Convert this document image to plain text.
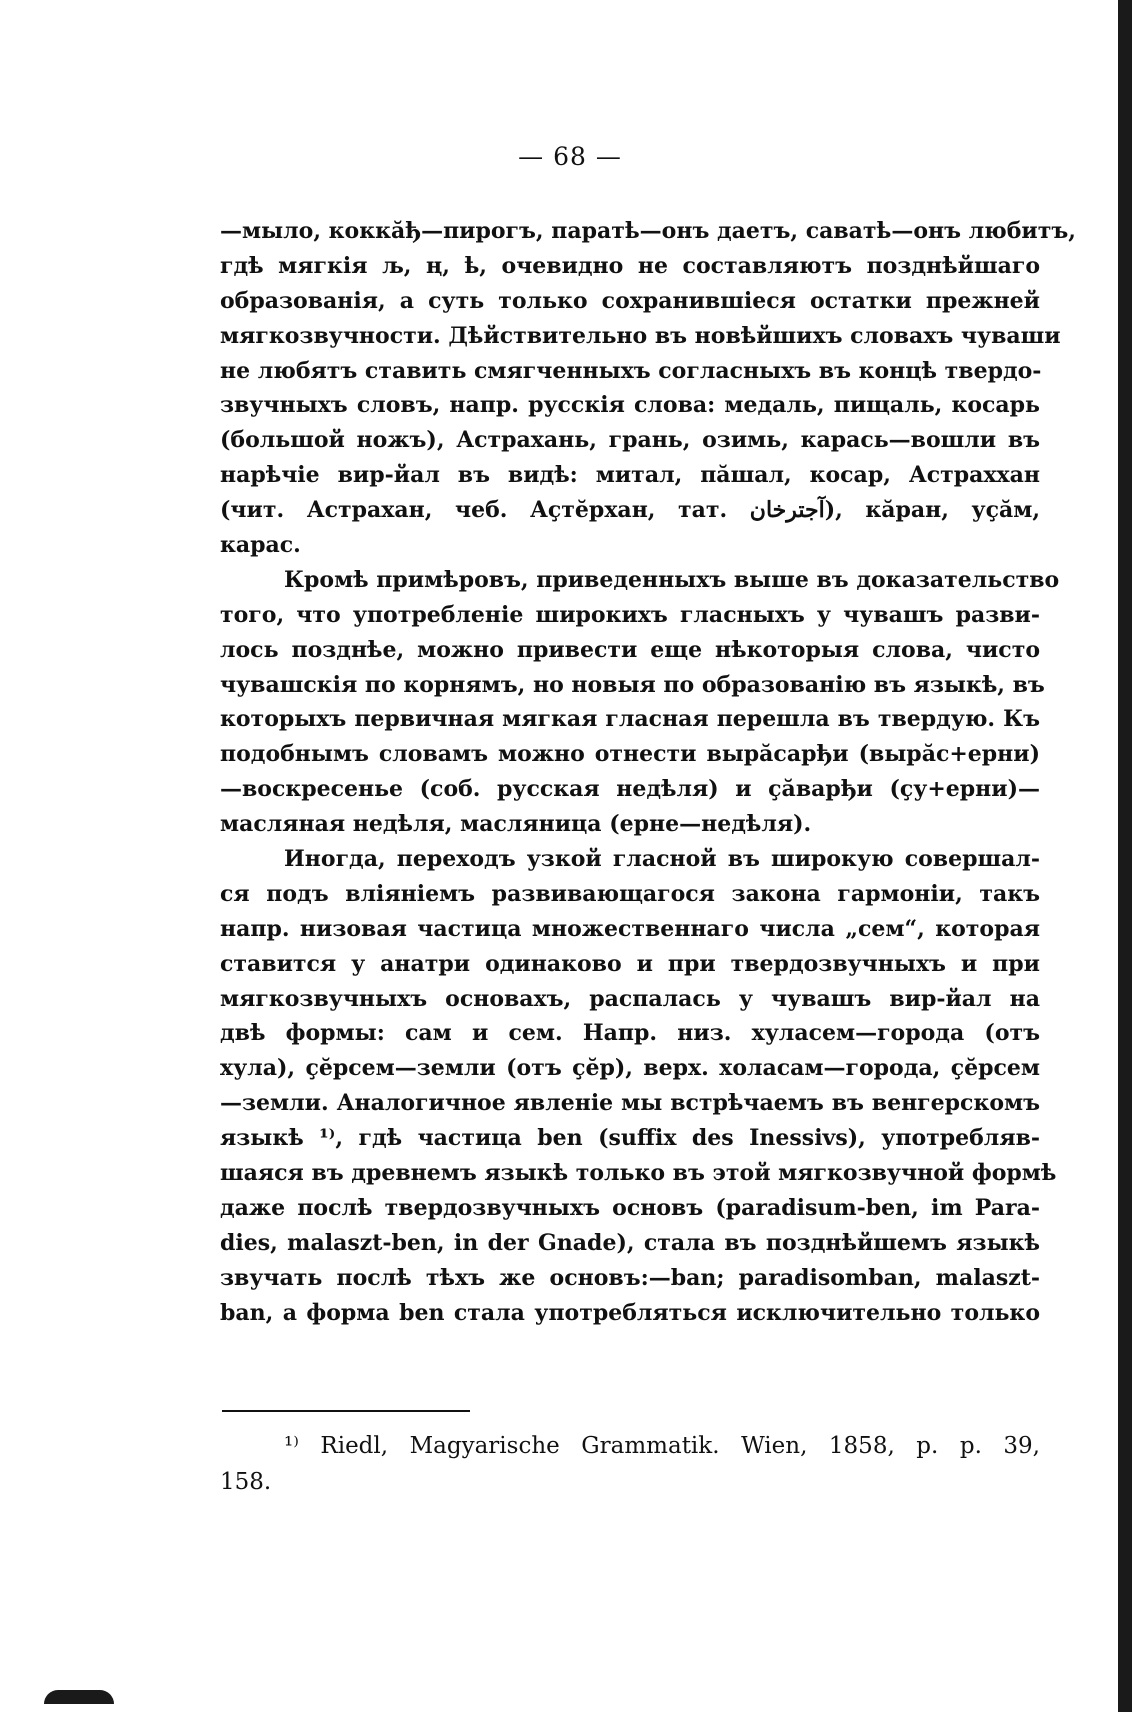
— 68 —
—мыло, коккӑђ—пирогъ, паратҍ—онъ даетъ, саватҍ—онъ любитъ,
гдѣ мягкія љ, ң, ҍ, очевидно не составляютъ позднѣйшаго
образованія, а суть только сохранившіеся остатки прежней
мягкозвучности. Дѣйствительно въ новѣйшихъ словахъ чуваши
не любятъ ставить смягченныхъ согласныхъ въ концѣ твердо-
звучныхъ словъ, напр. русскія слова: медаль, пищаль, косарь
(большой ножъ), Астрахань, грань, озимь, карась—вошли въ
нарѣчіе вир-йал въ видѣ: митал, пӑшал, косар, Астраххан
(чит. Астрахан, чеб. Аҫтӗрхан, тат. آجترخان), кӑран, уҫӑм,
карас.
Кромѣ примѣровъ, приведенныхъ выше въ доказательство
того, что употребленіе широкихъ гласныхъ у чувашъ разви-
лось позднѣе, можно привести еще нѣкоторыя слова, чисто
чувашскія по корнямъ, но новыя по образованію въ языкѣ, въ
которыхъ первичная мягкая гласная перешла въ твердую. Къ
подобнымъ словамъ можно отнести вырӑсарђи (вырӑс+ерни)
—воскресенье (соб. русская недѣля) и ҫӑварђи (ҫу+ерни)—
масляная недѣля, масляница (ерне—недѣля).
Иногда, переходъ узкой гласной въ широкую совершал-
ся подъ вліяніемъ развивающагося закона гармоніи, такъ
напр. низовая частица множественнаго числа „сем“, которая
ставится у анатри одинаково и при твердозвучныхъ и при
мягкозвучныхъ основахъ, распалась у чувашъ вир-йал на
двѣ формы: сам и сем. Напр. низ. хуласем—города (отъ
хула), ҫӗрсем—земли (отъ ҫӗр), верх. холасам—города, ҫӗрсем
—земли. Аналогичное явленіе мы встрѣчаемъ въ венгерскомъ
языкѣ ¹⁾, гдѣ частица ben (suffix des Inessivs), употребляв-
шаяся въ древнемъ языкѣ только въ этой мягкозвучной формѣ
даже послѣ твердозвучныхъ основъ (paradisum-ben, im Para-
dies, malaszt-ben, in der Gnade), стала въ позднѣйшемъ языкѣ
звучать послѣ тѣхъ же основъ:—ban; paradisomban, malaszt-
ban, а форма ben стала употребляться исключительно только
¹⁾ Riedl, Magyarische Grammatik. Wien, 1858, p. p. 39,
158.
